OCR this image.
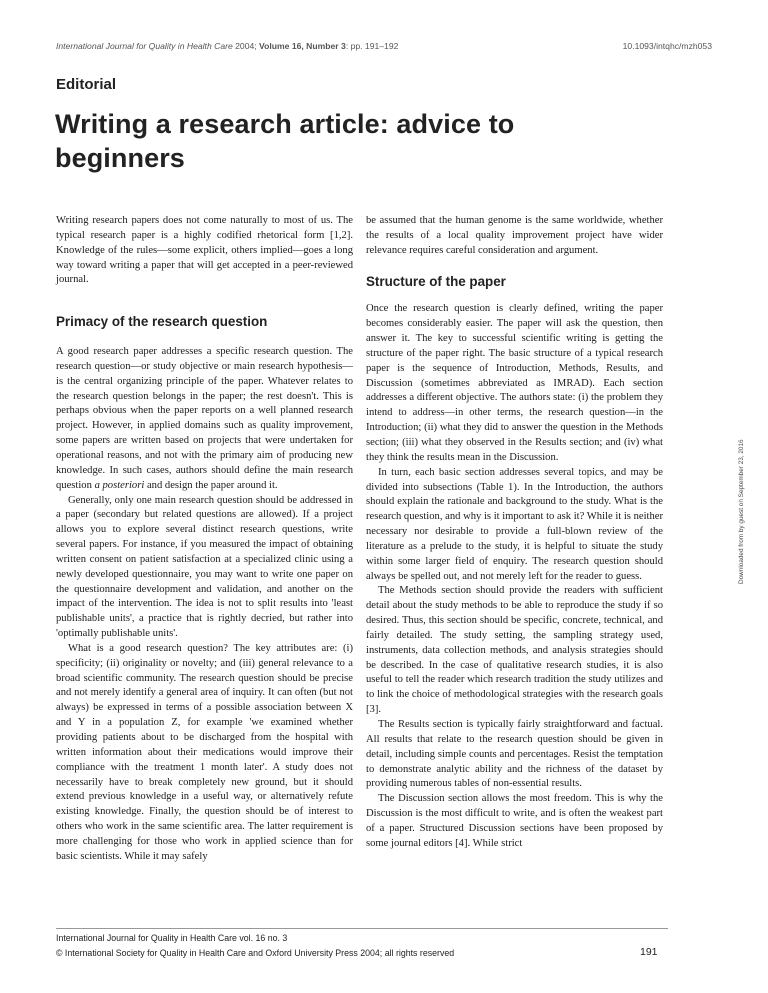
International Journal for Quality in Health Care 2004; Volume 16, Number 3: pp. 191–192	10.1093/intqhc/mzh053
Editorial
Writing a research article: advice to beginners

Writing research papers does not come naturally to most of us. The typical research paper is a highly codified rhetorical form [1,2]. Knowledge of the rules—some explicit, others implied—goes a long way toward writing a paper that will get accepted in a peer-reviewed journal.

Primacy of the research question

A good research paper addresses a specific research question. The research question—or study objective or main research hypothesis—is the central organizing principle of the paper. Whatever relates to the research question belongs in the paper; the rest doesn't. This is perhaps obvious when the paper reports on a well planned research project. However, in applied domains such as quality improvement, some papers are written based on projects that were undertaken for operational reasons, and not with the primary aim of producing new knowledge. In such cases, authors should define the main research question a posteriori and design the paper around it.

Generally, only one main research question should be addressed in a paper (secondary but related questions are allowed). If a project allows you to explore several distinct research questions, write several papers. For instance, if you measured the impact of obtaining written consent on patient satisfaction at a specialized clinic using a newly developed questionnaire, you may want to write one paper on the questionnaire development and validation, and another on the impact of the intervention. The idea is not to split results into 'least publishable units', a practice that is rightly decried, but rather into 'optimally publishable units'.

What is a good research question? The key attributes are: (i) specificity; (ii) originality or novelty; and (iii) general relevance to a broad scientific community. The research question should be precise and not merely identify a general area of inquiry. It can often (but not always) be expressed in terms of a possible association between X and Y in a population Z, for example 'we examined whether providing patients about to be discharged from the hospital with written information about their medications would improve their compliance with the treatment 1 month later'. A study does not necessarily have to break completely new ground, but it should extend previous knowledge in a useful way, or alternatively refute existing knowledge. Finally, the question should be of interest to others who work in the same scientific area. The latter requirement is more challenging for those who work in applied science than for basic scientists. While it may safely

be assumed that the human genome is the same worldwide, whether the results of a local quality improvement project have wider relevance requires careful consideration and argument.

Structure of the paper

Once the research question is clearly defined, writing the paper becomes considerably easier. The paper will ask the question, then answer it. The key to successful scientific writing is getting the structure of the paper right. The basic structure of a typical research paper is the sequence of Introduction, Methods, Results, and Discussion (sometimes abbreviated as IMRAD). Each section addresses a different objective. The authors state: (i) the problem they intend to address—in other terms, the research question—in the Introduction; (ii) what they did to answer the question in the Methods section; (iii) what they observed in the Results section; and (iv) what they think the results mean in the Discussion.

In turn, each basic section addresses several topics, and may be divided into subsections (Table 1). In the Introduction, the authors should explain the rationale and background to the study. What is the research question, and why is it important to ask it? While it is neither necessary nor desirable to provide a full-blown review of the literature as a prelude to the study, it is helpful to situate the study within some larger field of enquiry. The research question should always be spelled out, and not merely left for the reader to guess.

The Methods section should provide the readers with sufficient detail about the study methods to be able to reproduce the study if so desired. Thus, this section should be specific, concrete, technical, and fairly detailed. The study setting, the sampling strategy used, instruments, data collection methods, and analysis strategies should be described. In the case of qualitative research studies, it is also useful to tell the reader which research tradition the study utilizes and to link the choice of methodological strategies with the research goals [3].

The Results section is typically fairly straightforward and factual. All results that relate to the research question should be given in detail, including simple counts and percentages. Resist the temptation to demonstrate analytic ability and the richness of the dataset by providing numerous tables of non-essential results.

The Discussion section allows the most freedom. This is why the Discussion is the most difficult to write, and is often the weakest part of a paper. Structured Discussion sections have been proposed by some journal editors [4]. While strict

Downloaded from by guest on September 23, 2016
International Journal for Quality in Health Care vol. 16 no. 3
© International Society for Quality in Health Care and Oxford University Press 2004; all rights reserved	191
